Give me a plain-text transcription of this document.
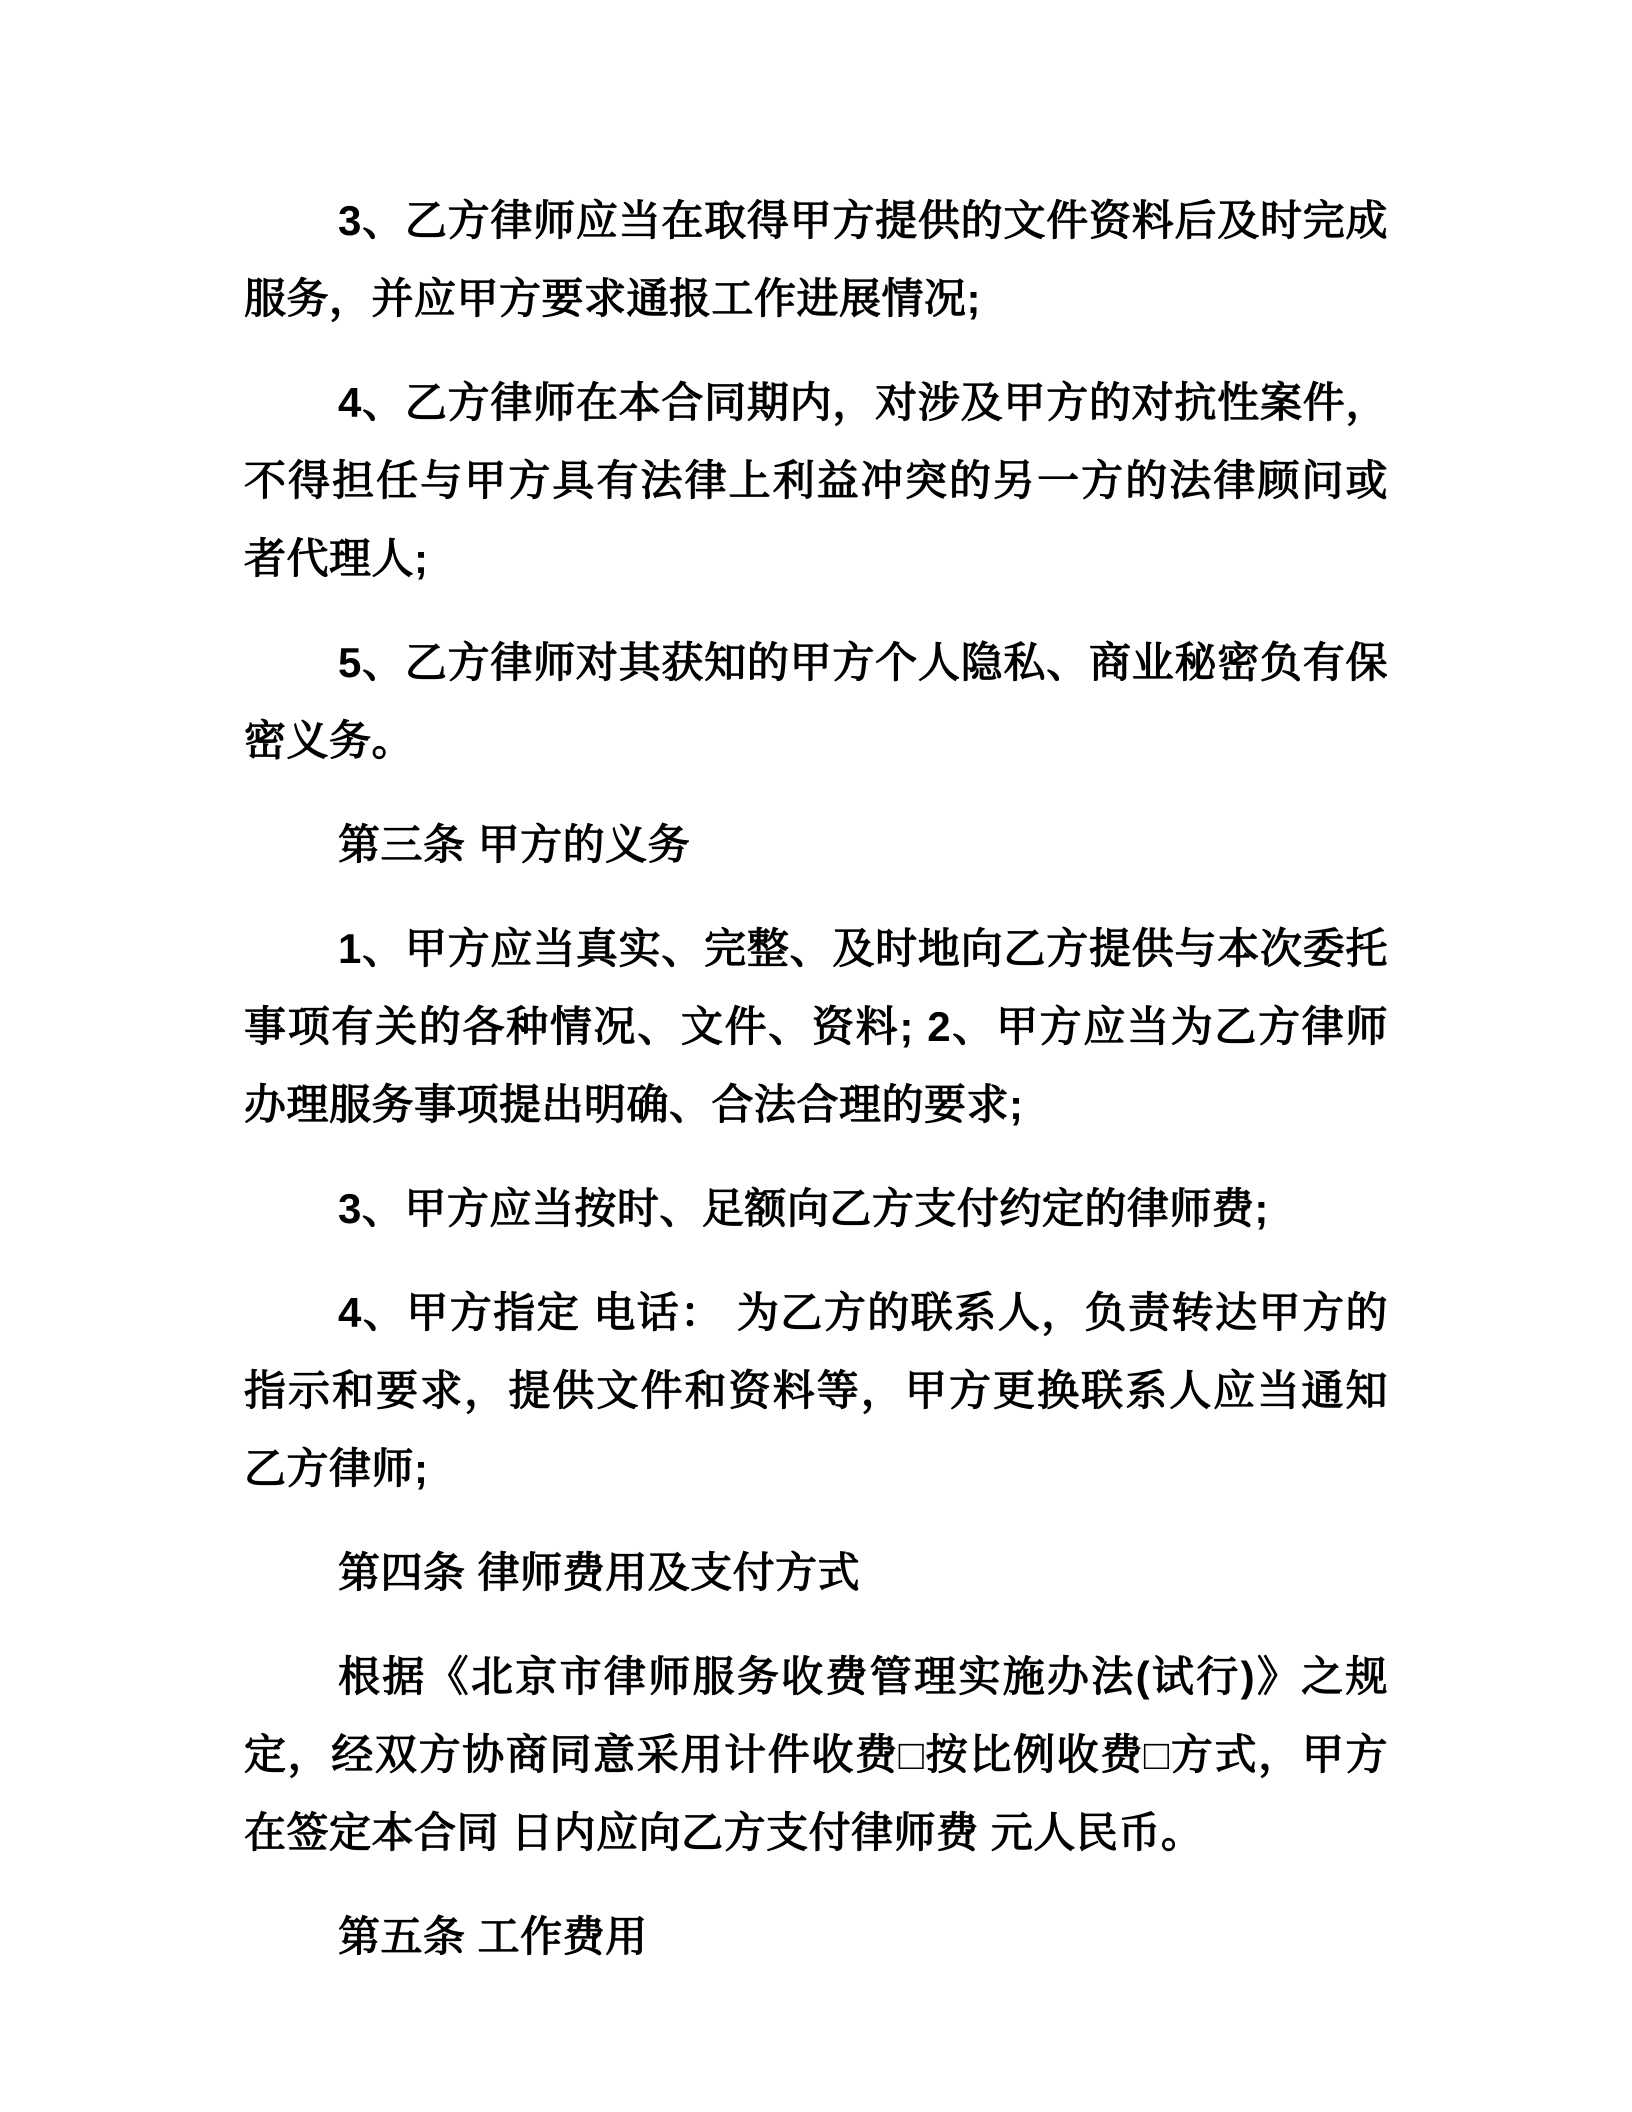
3、乙方律师应当在取得甲方提供的文件资料后及时完成服务，并应甲方要求通报工作进展情况;

4、乙方律师在本合同期内，对涉及甲方的对抗性案件，不得担任与甲方具有法律上利益冲突的另一方的法律顾问或者代理人;

5、乙方律师对其获知的甲方个人隐私、商业秘密负有保密义务。

第三条 甲方的义务

1、甲方应当真实、完整、及时地向乙方提供与本次委托事项有关的各种情况、文件、资料; 2、甲方应当为乙方律师办理服务事项提出明确、合法合理的要求;

3、甲方应当按时、足额向乙方支付约定的律师费;

4、甲方指定 电话： 为乙方的联系人，负责转达甲方的指示和要求，提供文件和资料等，甲方更换联系人应当通知乙方律师;

第四条 律师费用及支付方式

根据《北京市律师服务收费管理实施办法(试行)》之规定，经双方协商同意采用计件收费□按比例收费□方式，甲方在签定本合同 日内应向乙方支付律师费 元人民币。

第五条 工作费用
